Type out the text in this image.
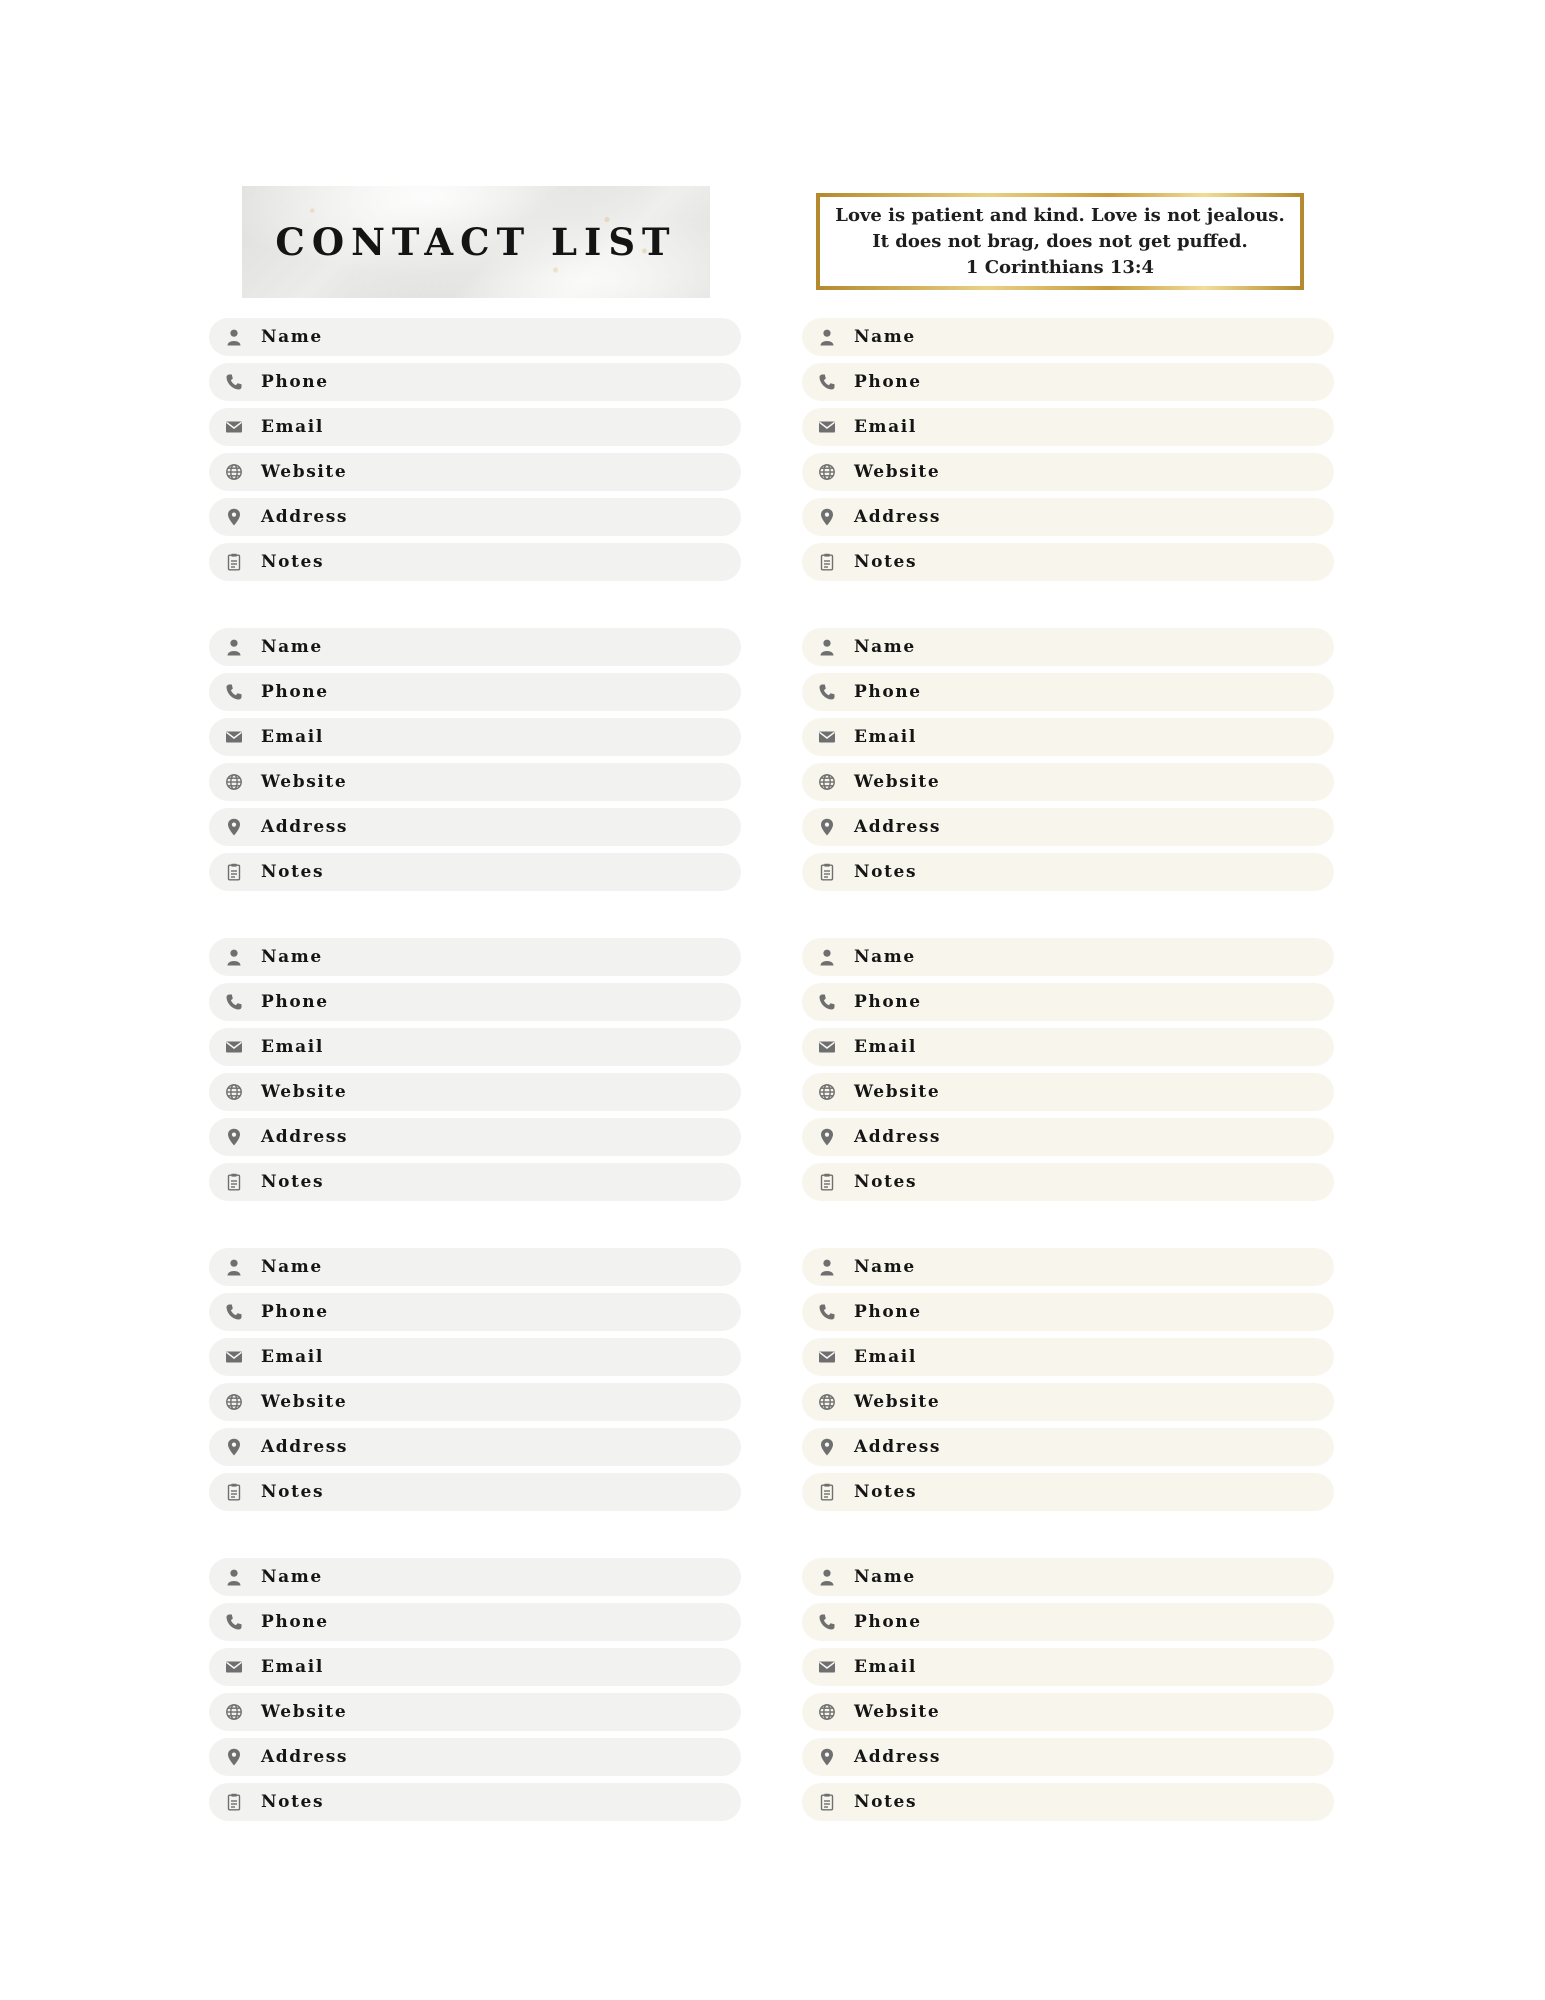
CONTACT LIST
Love is patient and kind. Love is not jealous.
It does not brag, does not get puffed.
1 Corinthians 13:4
Name
Phone
Email
Website
Address
Notes
Name
Phone
Email
Website
Address
Notes
Name
Phone
Email
Website
Address
Notes
Name
Phone
Email
Website
Address
Notes
Name
Phone
Email
Website
Address
Notes
Name
Phone
Email
Website
Address
Notes
Name
Phone
Email
Website
Address
Notes
Name
Phone
Email
Website
Address
Notes
Name
Phone
Email
Website
Address
Notes
Name
Phone
Email
Website
Address
Notes
